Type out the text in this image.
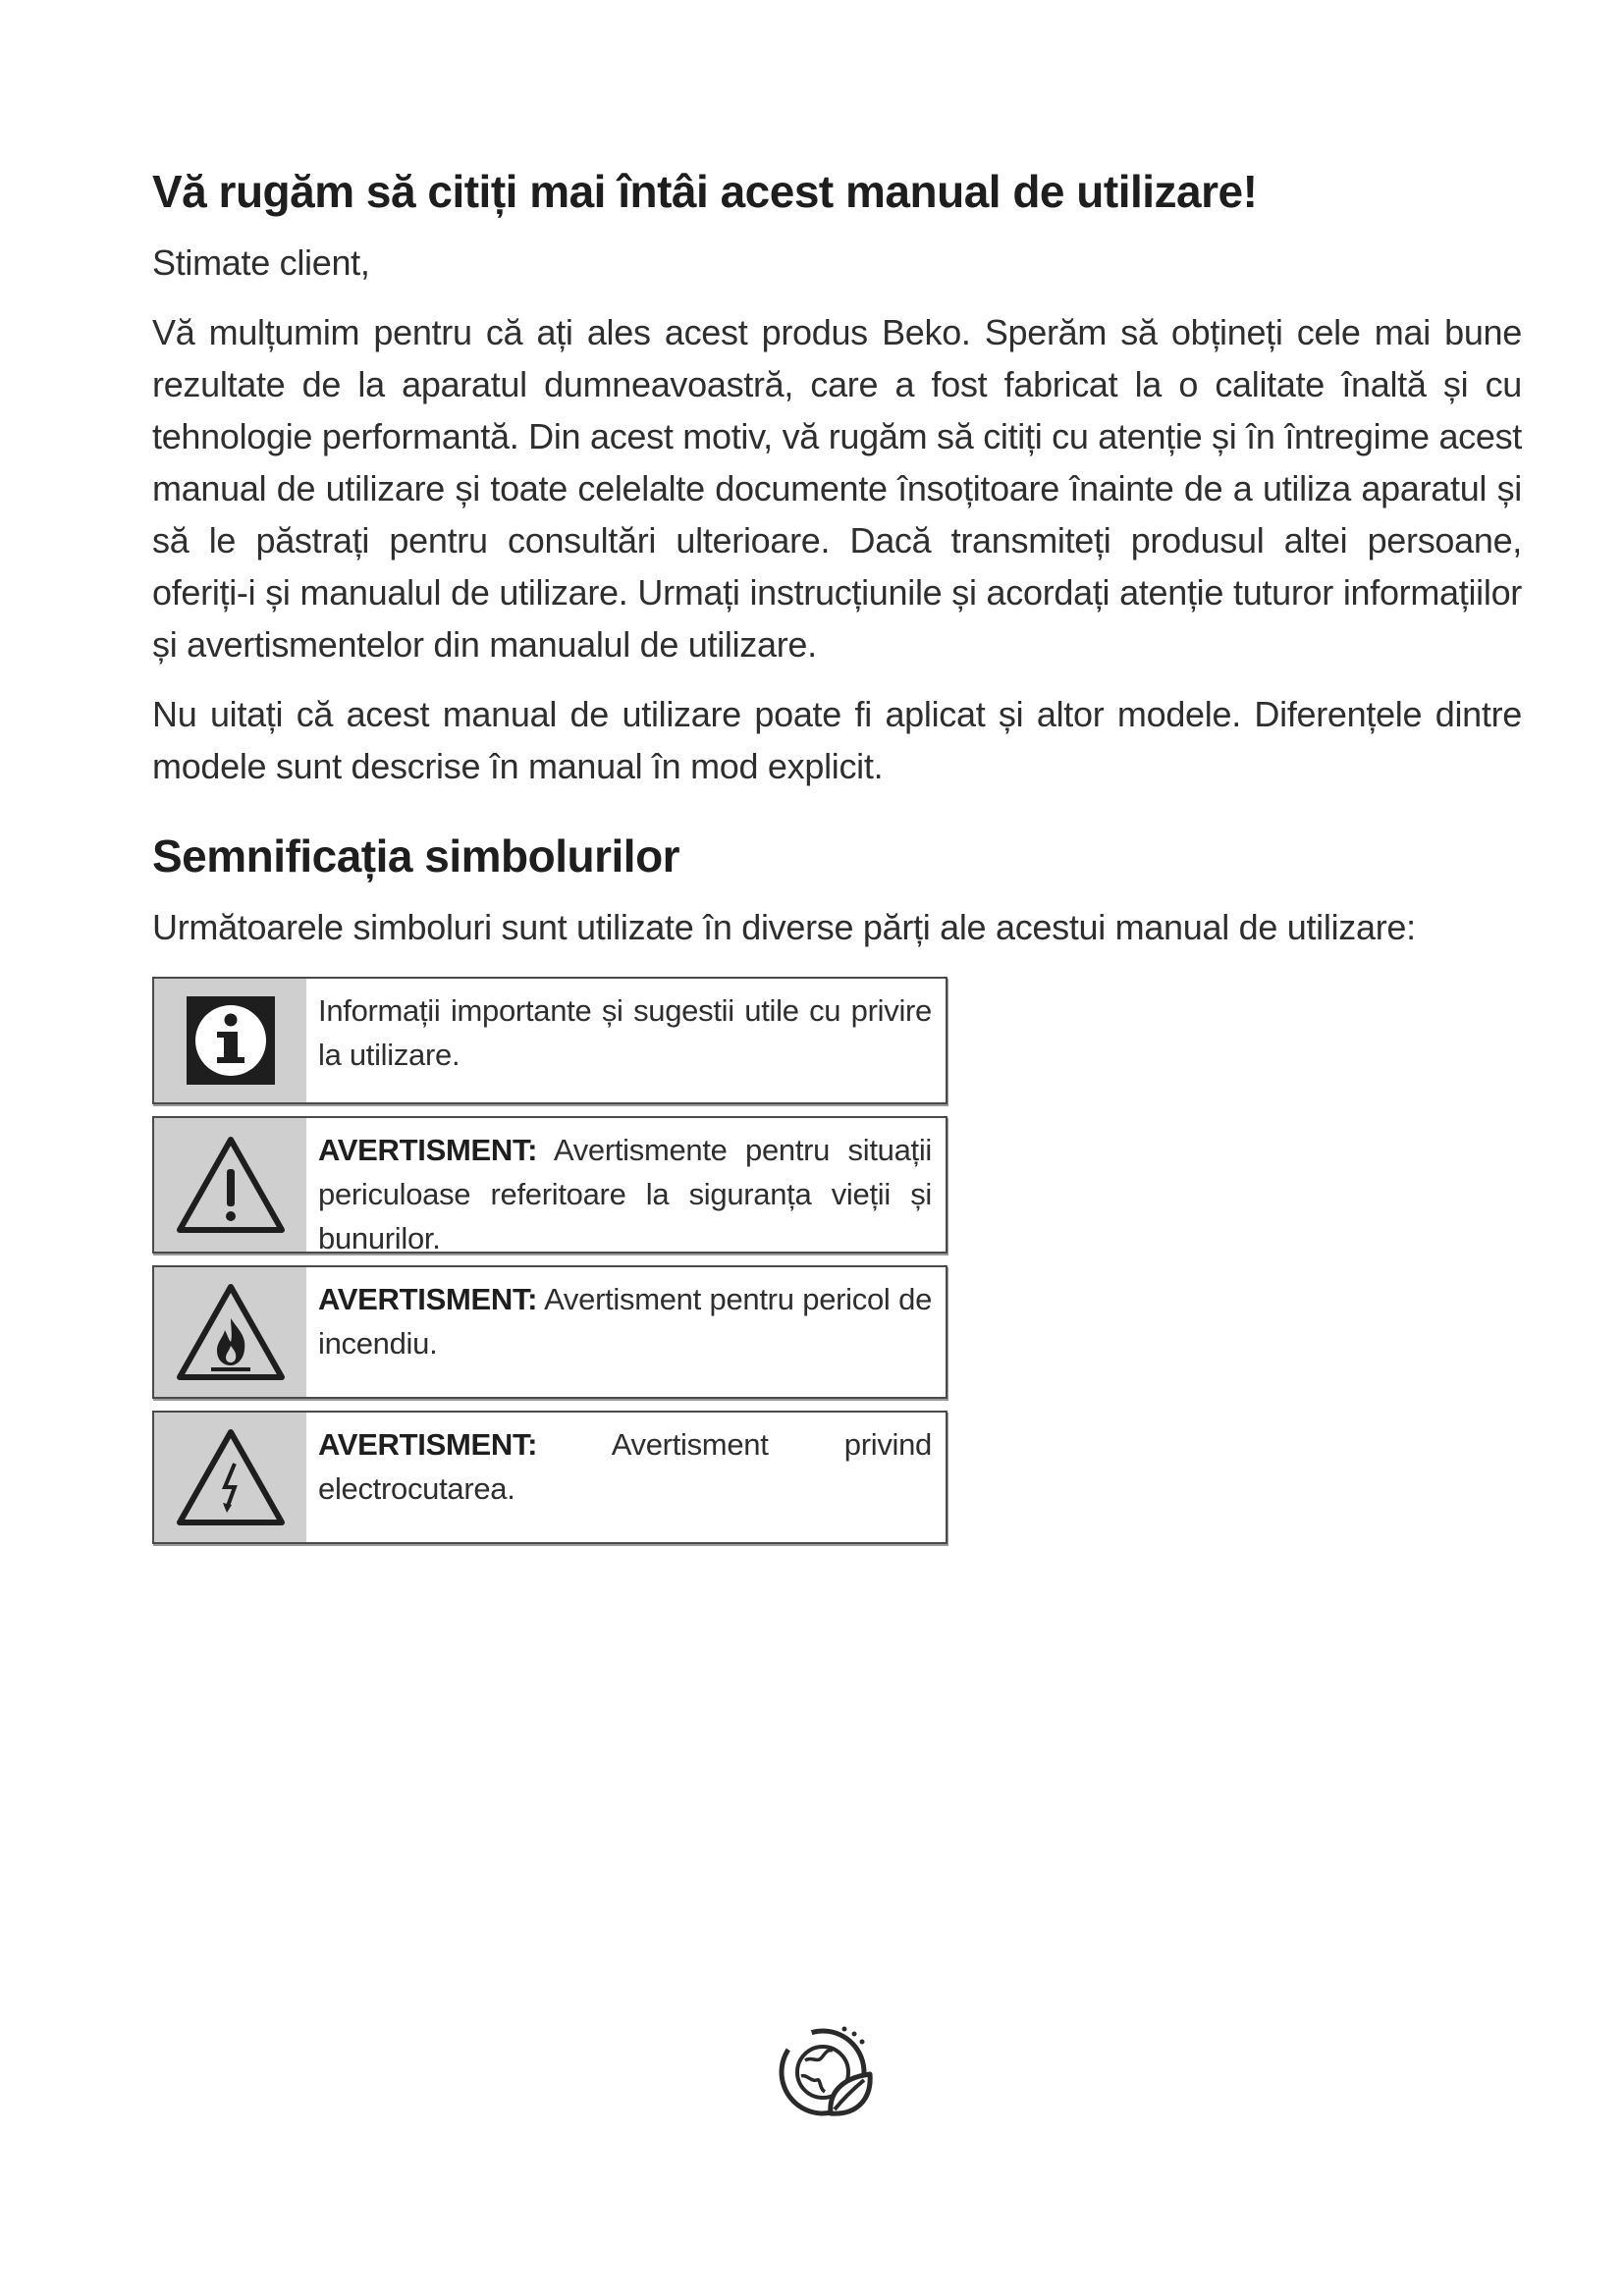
Vă rugăm să citiți mai întâi acest manual de utilizare!

Stimate client,

Vă mulțumim pentru că ați ales acest produs Beko. Sperăm să obțineți cele mai bune rezultate de la aparatul dumneavoastră, care a fost fabricat la o calitate înaltă și cu tehnologie performantă. Din acest motiv, vă rugăm să citiți cu atenție și în întregime acest manual de utilizare și toate celelalte documente însoțitoare înainte de a utiliza aparatul și să le păstrați pentru consultări ulterioare. Dacă transmiteți produsul altei persoane, oferiți-i și manualul de utilizare. Urmați instrucțiunile și acordați atenție tuturor informațiilor și avertismentelor din manualul de utilizare.

Nu uitați că acest manual de utilizare poate fi aplicat și altor modele. Diferențele dintre modele sunt descrise în manual în mod explicit.

Semnificația simbolurilor

Următoarele simboluri sunt utilizate în diverse părți ale acestui manual de utilizare:

Informații importante și sugestii utile cu privire la utilizare.
AVERTISMENT: Avertismente pentru situații periculoase referitoare la siguranța vieții și bunurilor.
AVERTISMENT: Avertisment pentru pericol de incendiu.
AVERTISMENT: Avertisment privind electrocutarea.
